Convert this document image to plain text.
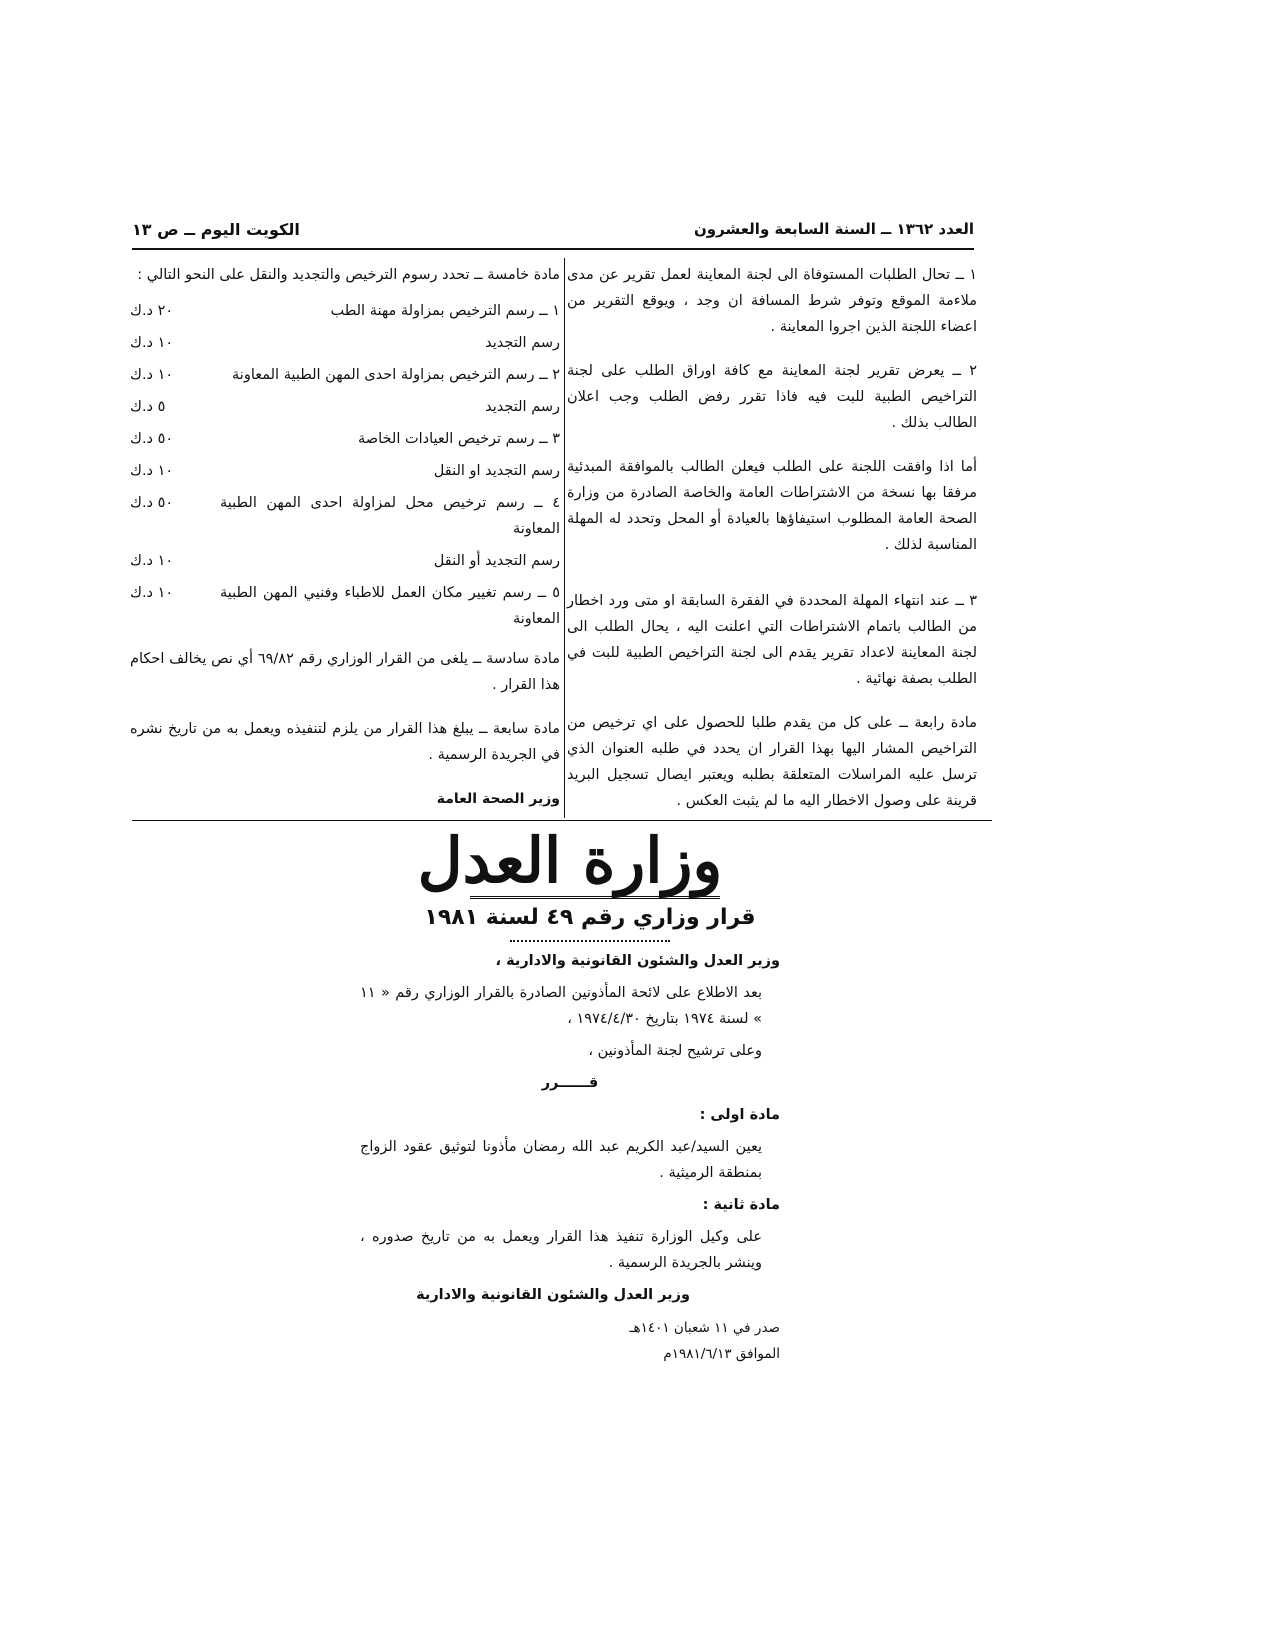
العدد ١٣٦٢ ــ السنة السابعة والعشرون
الكويت اليوم ــ ص ١٣

١ ــ تحال الطلبات المستوفاة الى لجنة المعاينة لعمل تقرير عن مدى ملاءمة الموقع وتوفر شرط المسافة ان وجد ، ويوقع التقرير من اعضاء اللجنة الذين اجروا المعاينة .

٢ ــ يعرض تقرير لجنة المعاينة مع كافة اوراق الطلب على لجنة التراخيص الطبية للبت فيه فاذا تقرر رفض الطلب وجب اعلان الطالب بذلك .

أما اذا وافقت اللجنة على الطلب فيعلن الطالب بالموافقة المبدئية مرفقا بها نسخة من الاشتراطات العامة والخاصة الصادرة من وزارة الصحة العامة المطلوب استيفاؤها بالعيادة أو المحل وتحدد له المهلة المناسبة لذلك .

٣ ــ عند انتهاء المهلة المحددة في الفقرة السابقة او متى ورد اخطار من الطالب باتمام الاشتراطات التي اعلنت اليه ، يحال الطلب الى لجنة المعاينة لاعداد تقرير يقدم الى لجنة التراخيص الطبية للبت في الطلب بصفة نهائية .

مادة رابعة ــ على كل من يقدم طلبا للحصول على اي ترخيص من التراخيص المشار اليها بهذا القرار ان يحدد في طلبه العنوان الذي ترسل عليه المراسلات المتعلقة بطلبه ويعتبر ايصال تسجيل البريد قرينة على وصول الاخطار اليه ما لم يثبت العكس .

مادة خامسة ــ تحدد رسوم الترخيص والتجديد والنقل على النحو التالي :

١ ــ رسم الترخيص بمزاولة مهنة الطب
٢٠ د.ك
رسم التجديد
١٠ د.ك
٢ ــ رسم الترخيص بمزاولة احدى المهن الطبية المعاونة
١٠ د.ك
رسم التجديد
٥ د.ك
٣ ــ رسم ترخيص العيادات الخاصة
٥٠ د.ك
رسم التجديد او النقل
١٠ د.ك
٤ ــ رسم ترخيص محل لمزاولة احدى المهن الطبية المعاونة
٥٠ د.ك
رسم التجديد أو النقل
١٠ د.ك
٥ ــ رسم تغيير مكان العمل للاطباء وفنيي المهن الطبية المعاونة
١٠ د.ك

مادة سادسة ــ يلغى من القرار الوزاري رقم ٦٩/٨٢ أي نص يخالف احكام هذا القرار .

مادة سابعة ــ يبلغ هذا القرار من يلزم لتنفيذه ويعمل به من تاريخ نشره في الجريدة الرسمية .

وزير الصحة العامة
وزارة العدل
قرار وزاري رقم ٤٩ لسنة ١٩٨١

وزير العدل والشئون القانونية والادارية ،

بعد الاطلاع على لائحة المأذونين الصادرة بالقرار الوزاري رقم « ١١ » لسنة ١٩٧٤ بتاريخ ١٩٧٤/٤/٣٠ ،

وعلى ترشيح لجنة المأذونين ،

قــــــرر

مادة اولى :

يعين السيد/عبد الكريم عبد الله رمضان مأذونا لتوثيق عقود الزواج بمنطقة الرميثية .

مادة ثانية :

على وكيل الوزارة تنفيذ هذا القرار ويعمل به من تاريخ صدوره ، وينشر بالجريدة الرسمية .

وزير العدل والشئون القانونية والادارية

صدر في ١١ شعبان ١٤٠١هـ

الموافق ١٩٨١/٦/١٣م
